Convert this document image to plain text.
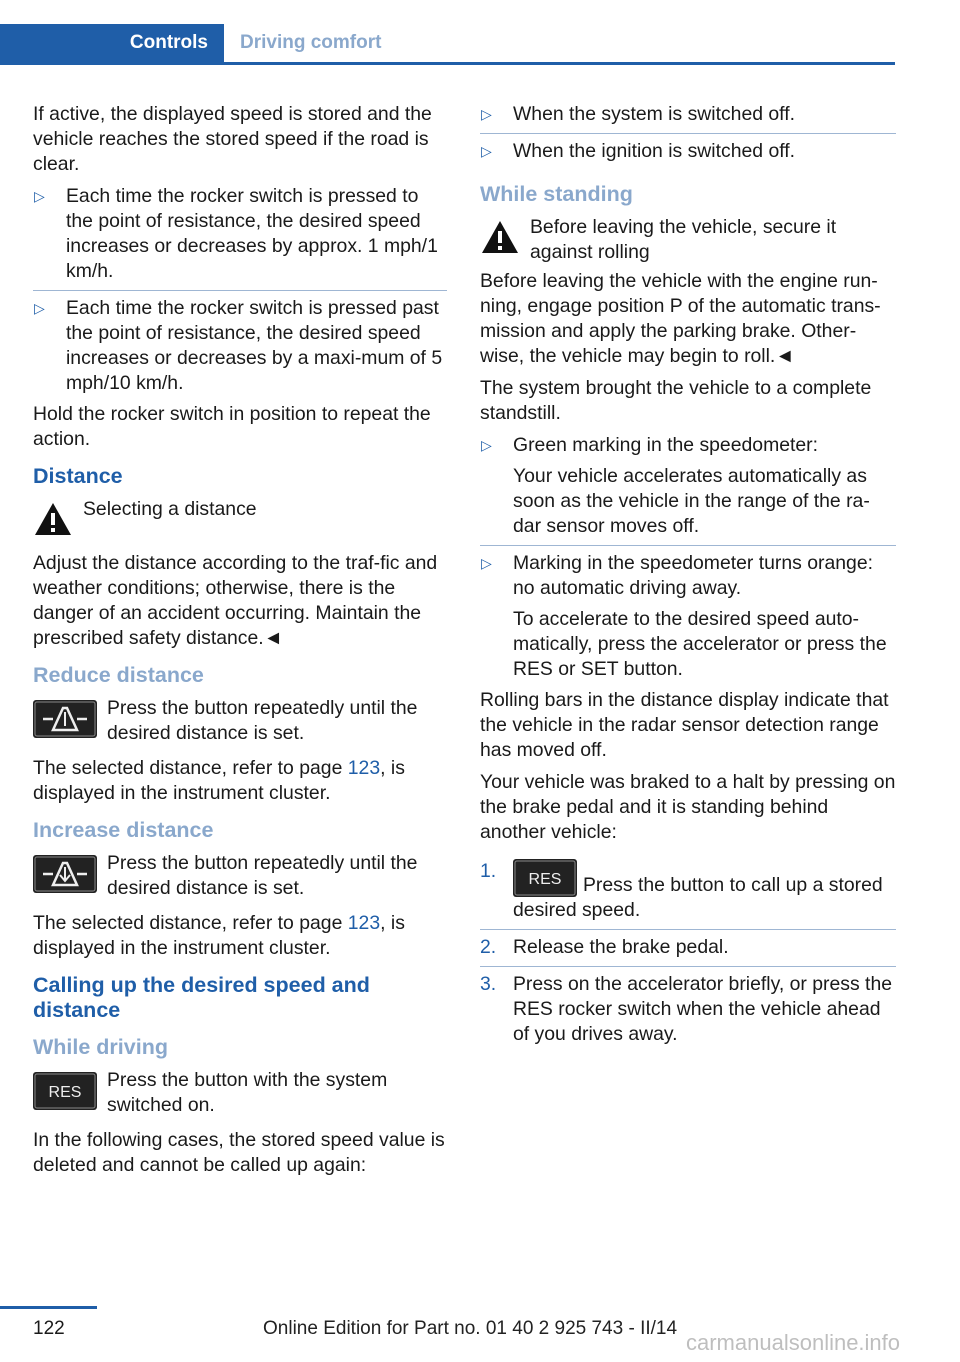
Controls	Driving comfort

If active, the displayed speed is stored and the vehicle reaches the stored speed if the road is clear.

▷ Each time the rocker switch is pressed to the point of resistance, the desired speed increases or decreases by approx. 1 mph/1 km/h.
▷ Each time the rocker switch is pressed past the point of resistance, the desired speed increases or decreases by a maxi‐mum of 5 mph/10 km/h.

Hold the rocker switch in position to repeat the action.

Distance
Selecting a distance

Adjust the distance according to the traf‐fic and weather conditions; otherwise, there is the danger of an accident occurring. Maintain the prescribed safety distance.◄

Reduce distance
Press the button repeatedly until the desired distance is set.

The selected distance, refer to page 123, is displayed in the instrument cluster.

Increase distance
Press the button repeatedly until the desired distance is set.

The selected distance, refer to page 123, is displayed in the instrument cluster.

Calling up the desired speed and distance
While driving
RES
Press the button with the system switched on.

In the following cases, the stored speed value is deleted and cannot be called up again:

▷ When the system is switched off.
▷ When the ignition is switched off.
While standing
Before leaving the vehicle, secure it against rolling

Before leaving the vehicle with the engine run‐ning, engage position P of the automatic trans‐mission and apply the parking brake. Other‐wise, the vehicle may begin to roll.◄

The system brought the vehicle to a complete standstill.

▷ Green marking in the speedometer:
Your vehicle accelerates automatically as soon as the vehicle in the range of the ra‐dar sensor moves off.
▷ Marking in the speedometer turns orange: no automatic driving away.
To accelerate to the desired speed auto‐matically, press the accelerator or press the RES or SET button.

Rolling bars in the distance display indicate that the vehicle in the radar sensor detection range has moved off.

Your vehicle was braked to a halt by pressing on the brake pedal and it is standing behind another vehicle:

1. RES Press the button to call up a stored desired speed.
2. Release the brake pedal.
3. Press on the accelerator briefly, or press the RES rocker switch when the vehicle ahead of you drives away.
122	Online Edition for Part no. 01 40 2 925 743 - II/14
carmanualsonline.info
